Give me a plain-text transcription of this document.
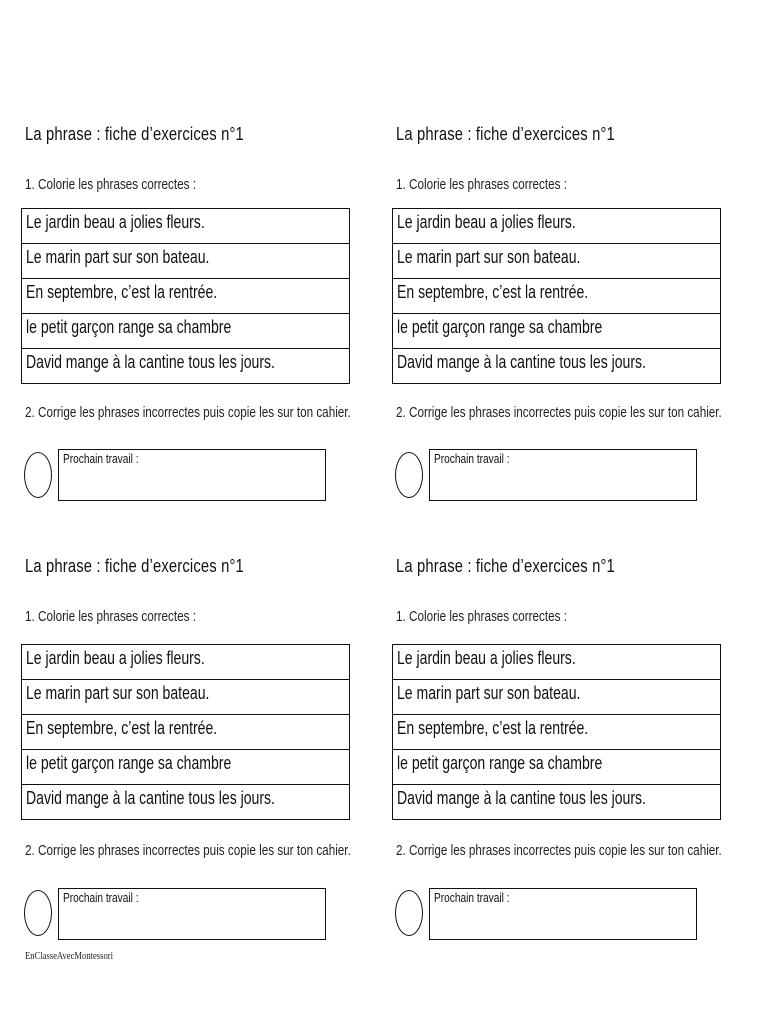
La phrase : fiche d’exercices n°1
1. Colorie les phrases correctes :
Le jardin beau a jolies fleurs.
Le marin part sur son bateau.
En septembre, c’est la rentrée.
le petit garçon range sa chambre
David mange à la cantine tous les jours.
2. Corrige les phrases incorrectes puis copie les sur ton cahier.
Prochain travail :
La phrase : fiche d’exercices n°1
1. Colorie les phrases correctes :
Le jardin beau a jolies fleurs.
Le marin part sur son bateau.
En septembre, c’est la rentrée.
le petit garçon range sa chambre
David mange à la cantine tous les jours.
2. Corrige les phrases incorrectes puis copie les sur ton cahier.
Prochain travail :
La phrase : fiche d’exercices n°1
1. Colorie les phrases correctes :
Le jardin beau a jolies fleurs.
Le marin part sur son bateau.
En septembre, c’est la rentrée.
le petit garçon range sa chambre
David mange à la cantine tous les jours.
2. Corrige les phrases incorrectes puis copie les sur ton cahier.
Prochain travail :
La phrase : fiche d’exercices n°1
1. Colorie les phrases correctes :
Le jardin beau a jolies fleurs.
Le marin part sur son bateau.
En septembre, c’est la rentrée.
le petit garçon range sa chambre
David mange à la cantine tous les jours.
2. Corrige les phrases incorrectes puis copie les sur ton cahier.
Prochain travail :
EnClasseAvecMontessori
